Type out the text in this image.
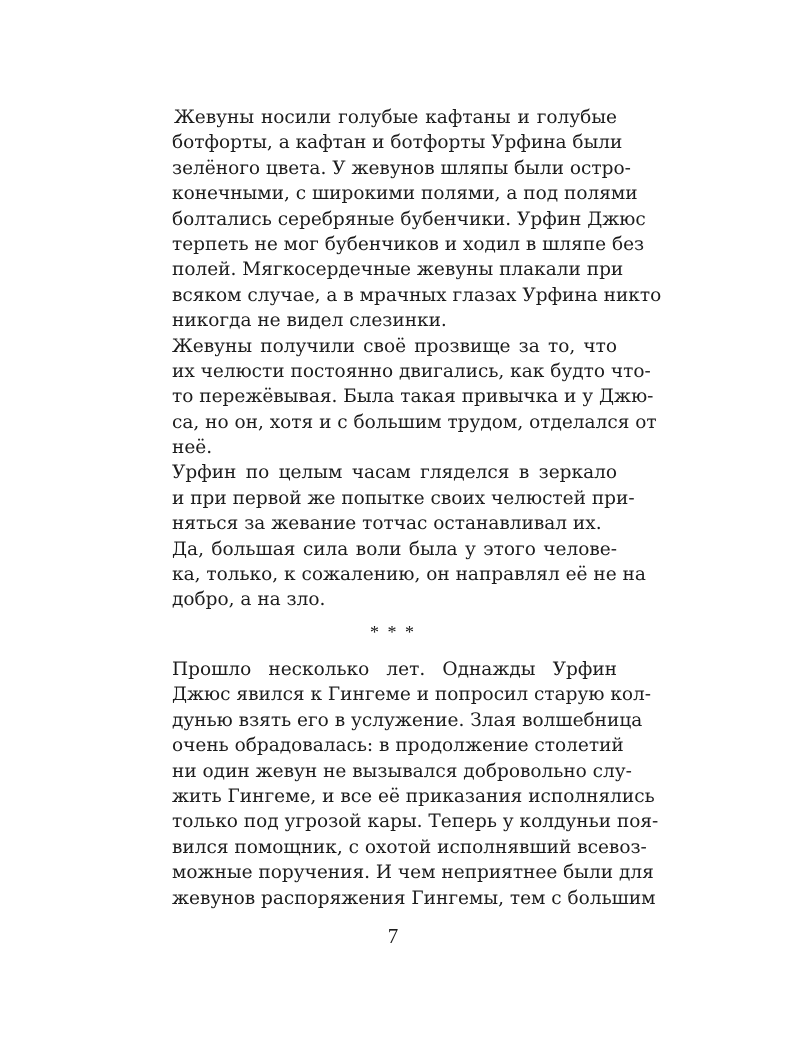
Жевуны носили голубые кафтаны и голубые
ботфорты, а кафтан и ботфорты Урфина были
зелёного цвета. У жевунов шляпы были остро-
конечными, с широкими полями, а под полями
болтались серебряные бубенчики. Урфин Джюс
терпеть не мог бубенчиков и ходил в шляпе без
полей. Мягкосердечные жевуны плакали при
всяком случае, а в мрачных глазах Урфина никто
никогда не видел слезинки.
Жевуны получили своё прозвище за то, что
их челюсти постоянно двигались, как будто что-
то пережёвывая. Была такая привычка и у Джю-
са, но он, хотя и с большим трудом, отделался от
неё.
Урфин по целым часам гляделся в зеркало
и при первой же попытке своих челюстей при-
няться за жевание тотчас останавливал их.
Да, большая сила воли была у этого челове-
ка, только, к сожалению, он направлял её не на
добро, а на зло.
* * *
Прошло несколько лет. Однажды Урфин
Джюс явился к Гингеме и попросил старую кол-
дунью взять его в услужение. Злая волшебница
очень обрадовалась: в продолжение столетий
ни один жевун не вызывался добровольно слу-
жить Гингеме, и все её приказания исполнялись
только под угрозой кары. Теперь у колдуньи поя-
вился помощник, с охотой исполнявший всевоз-
можные поручения. И чем неприятнее были для
жевунов распоряжения Гингемы, тем с большим
7
